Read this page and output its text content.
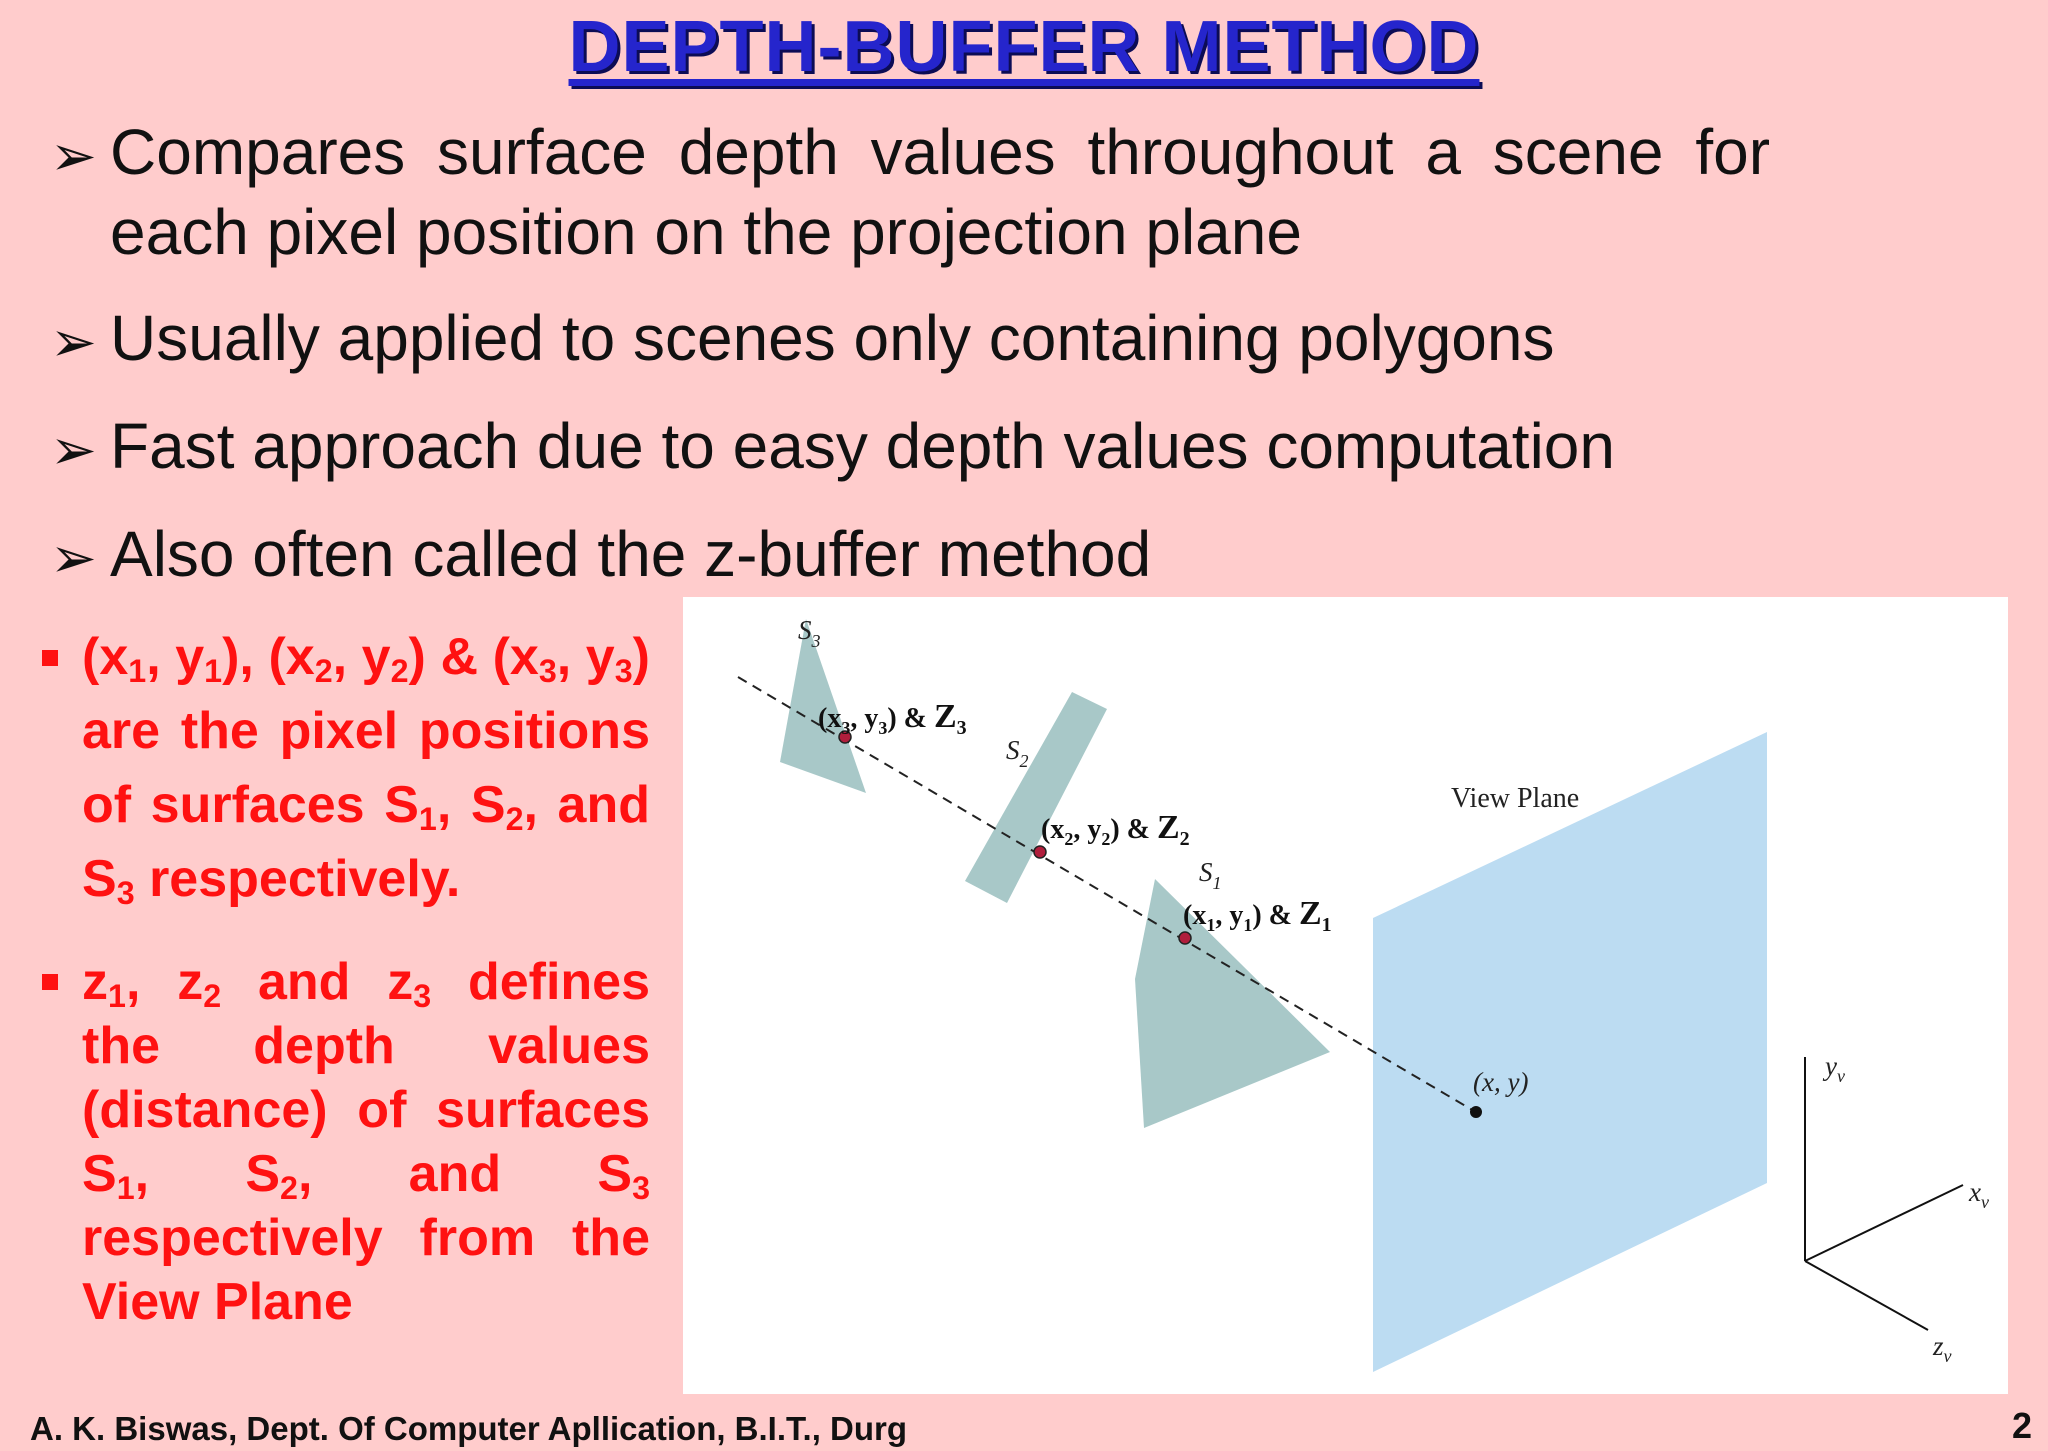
DEPTH-BUFFER METHOD
➢ Compares surface depth values throughout a scene for each pixel position on the projection plane
➢ Usually applied to scenes only containing polygons
➢ Fast approach due to easy depth values computation
➢ Also often called the z-buffer method
($x_1$, $y_1$), ($x_2$, $y_2$) & ($x_3$, $y_3$) are the pixel positions of surfaces $S_1$, $S_2$, and $S_3$ respectively.
$z_1$, $z_2$ and $z_3$ defines the depth values (distance) of surfaces $S_1$, $S_2$, and $S_3$ respectively from the View Plane
$S_3$
$S_2$
$S_1$
($x_3$, $y_3$) & $Z_3$
($x_2$, $y_2$) & $Z_2$
($x_1$, $y_1$) & $Z_1$
View Plane
(x, y)
$y_v$
$x_v$
$z_v$
A. K. Biswas, Dept. Of Computer Apllication, B.I.T., Durg	2
